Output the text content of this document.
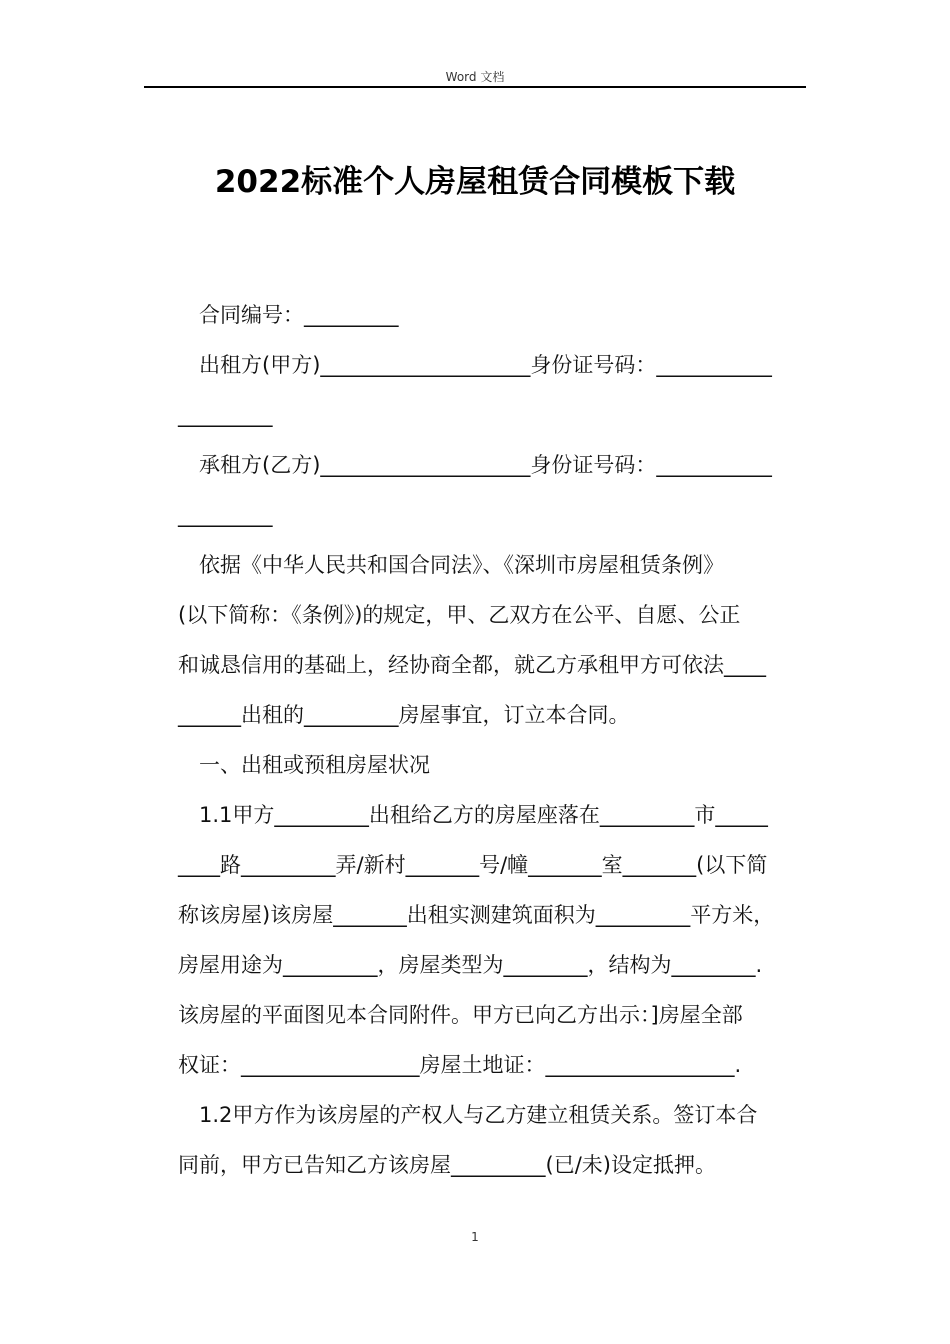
Word 文档
2022标准个人房屋租赁合同模板下载
合同编号：_________
出租方(甲方)____________________身份证号码：___________
_________
承租方(乙方)____________________身份证号码：___________
_________
依据《中华人民共和国合同法》、《深圳市房屋租赁条例》
(以下简称：《条例》)的规定，甲、乙双方在公平、自愿、公正
和诚恳信用的基础上，经协商全都，就乙方承租甲方可依法____
______出租的_________房屋事宜，订立本合同。
一、出租或预租房屋状况
1.1甲方_________出租给乙方的房屋座落在_________市_____
____路_________弄/新村_______号/幢_______室_______(以下简
称该房屋)该房屋_______出租实测建筑面积为_________平方米，
房屋用途为_________，房屋类型为________，结构为________.
该房屋的平面图见本合同附件。甲方已向乙方出示：]房屋全部
权证：_________________房屋土地证：__________________.
1.2甲方作为该房屋的产权人与乙方建立租赁关系。签订本合
同前，甲方已告知乙方该房屋_________(已/未)设定抵押。
1
